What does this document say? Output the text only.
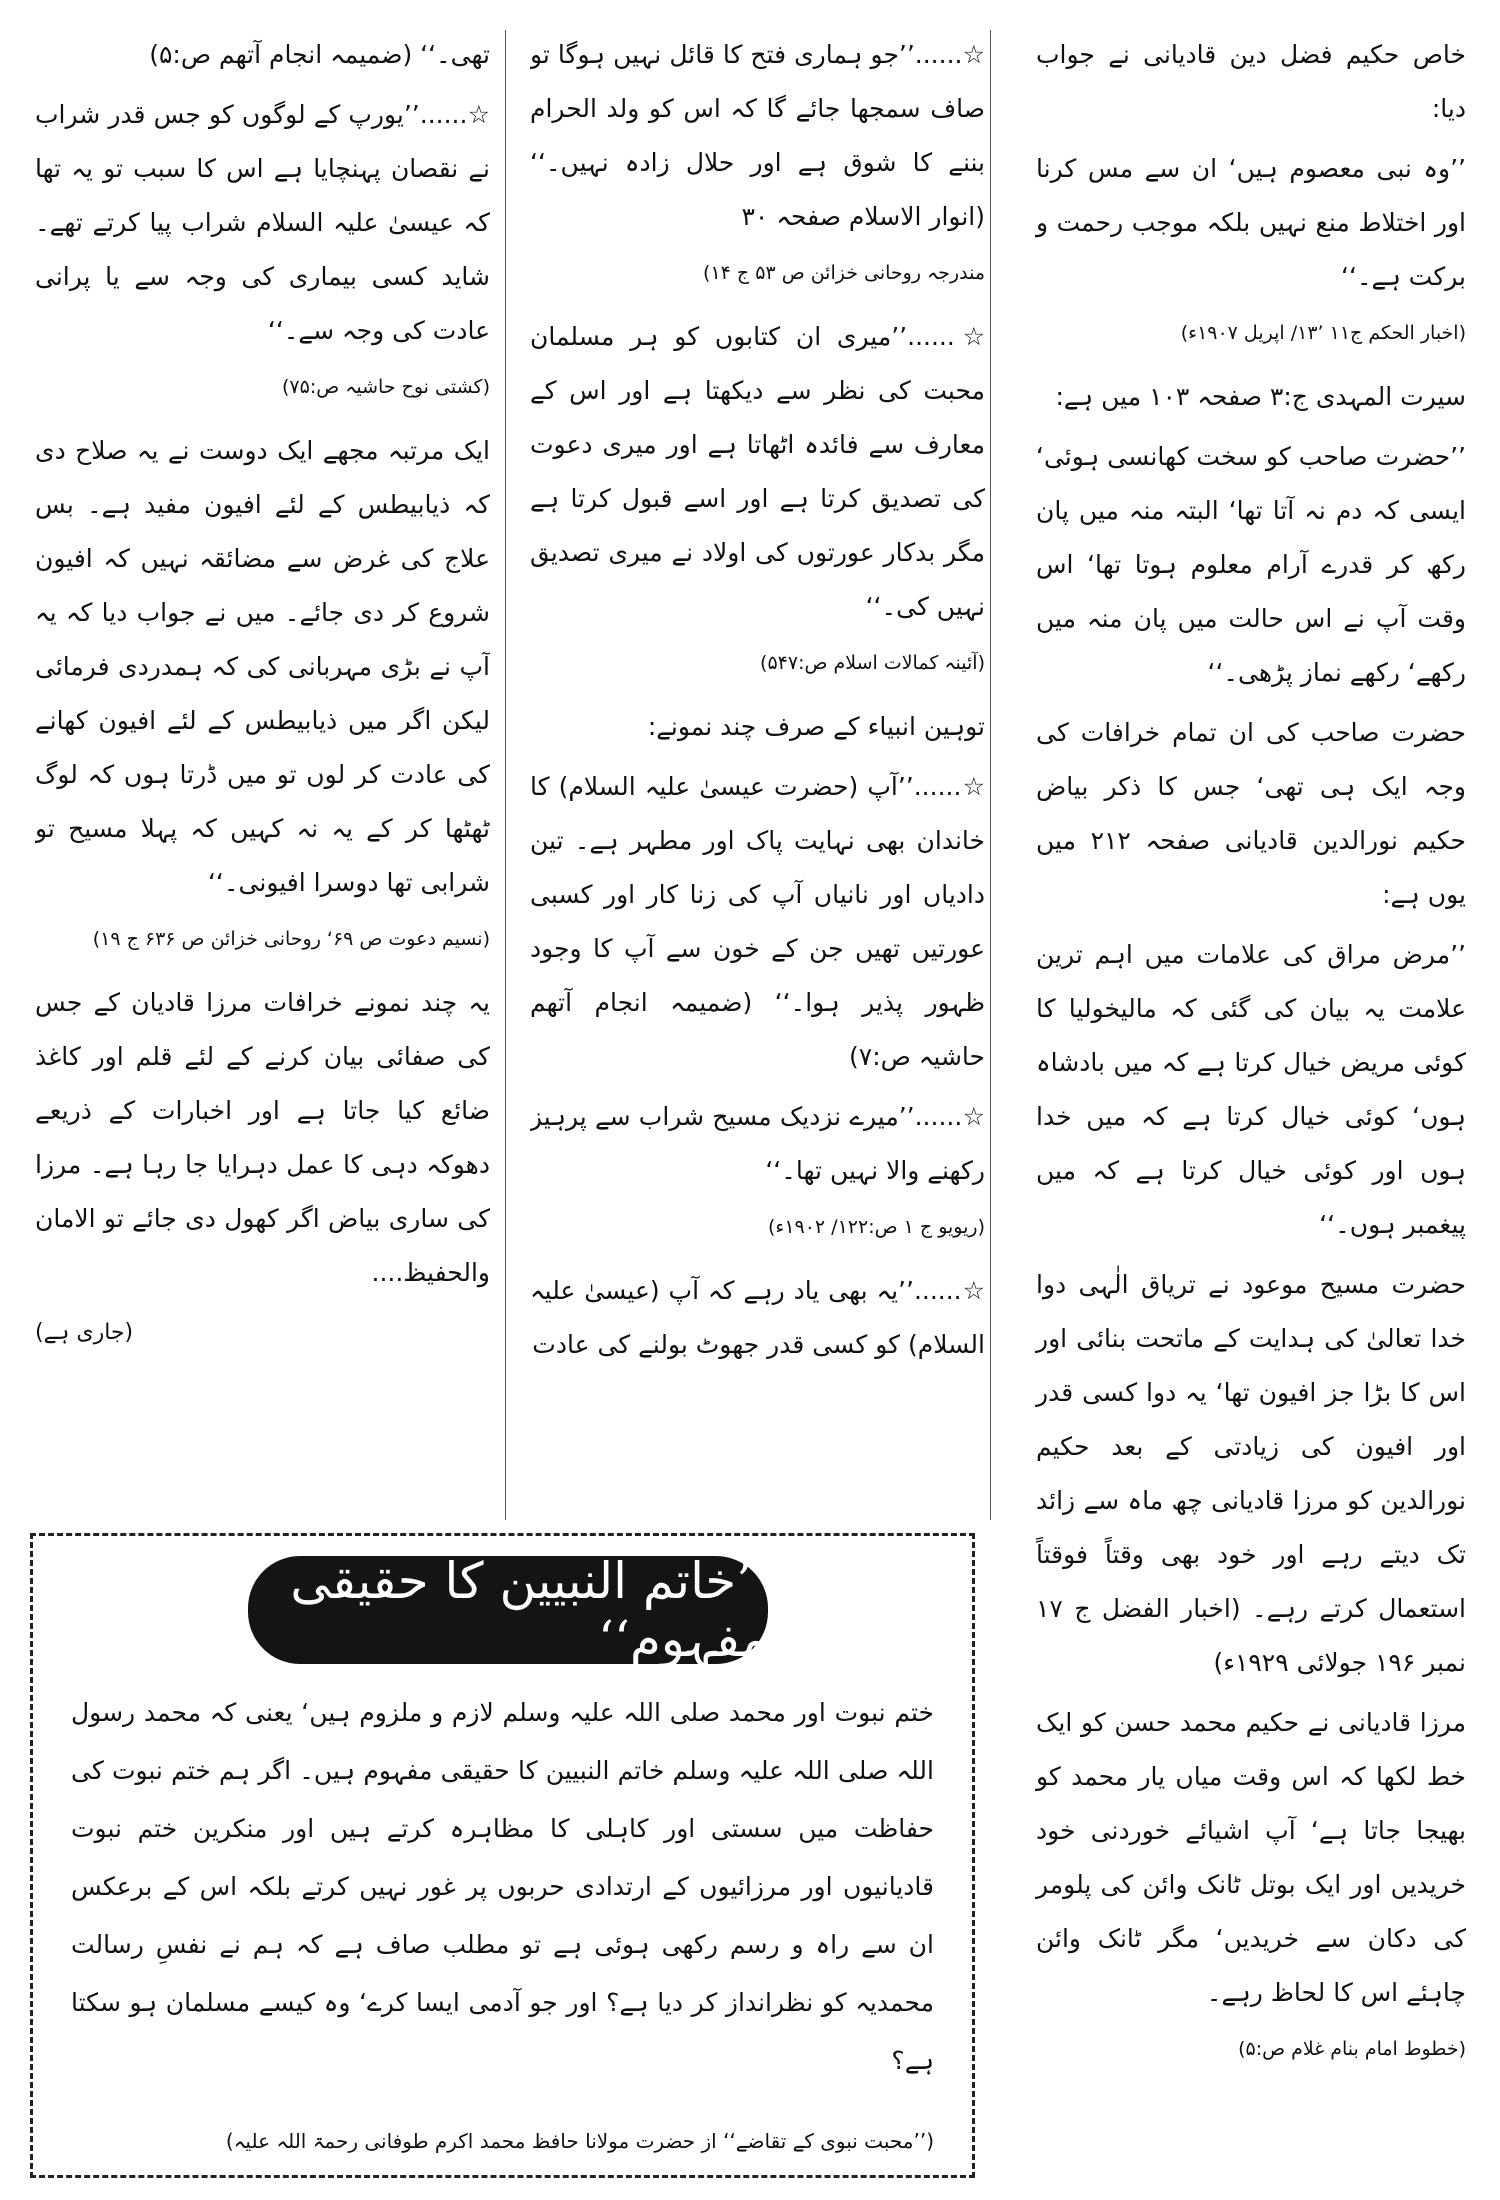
خاص حکیم فضل دین قادیانی نے جواب دیا:

’’وہ نبی معصوم ہیں‘ ان سے مس کرنا اور اختلاط منع نہیں بلکہ موجب رحمت و برکت ہے۔‘‘

(اخبار الحکم ج۱۱ ’۱۳/ اپریل ۱۹۰۷ء)

سیرت المہدی ج:۳ صفحہ ۱۰۳ میں ہے:

’’حضرت صاحب کو سخت کھانسی ہوئی‘ ایسی کہ دم نہ آتا تھا‘ البتہ منہ میں پان رکھ کر قدرے آرام معلوم ہوتا تھا‘ اس وقت آپ نے اس حالت میں پان منہ میں رکھے‘ رکھے نماز پڑھی۔‘‘

حضرت صاحب کی ان تمام خرافات کی وجہ ایک ہی تھی‘ جس کا ذکر بیاض حکیم نورالدین قادیانی صفحہ ۲۱۲ میں یوں ہے:

’’مرض مراق کی علامات میں اہم ترین علامت یہ بیان کی گئی کہ مالیخولیا کا کوئی مریض خیال کرتا ہے کہ میں بادشاہ ہوں‘ کوئی خیال کرتا ہے کہ میں خدا ہوں اور کوئی خیال کرتا ہے کہ میں پیغمبر ہوں۔‘‘

حضرت مسیح موعود نے تریاق الٰہی دوا خدا تعالیٰ کی ہدایت کے ماتحت بنائی اور اس کا بڑا جز افیون تھا‘ یہ دوا کسی قدر اور افیون کی زیادتی کے بعد حکیم نورالدین کو مرزا قادیانی چھ ماہ سے زائد تک دیتے رہے اور خود بھی وقتاً فوقتاً استعمال کرتے رہے۔ (اخبار الفضل ج ۱۷ نمبر ۱۹۶ جولائی ۱۹۲۹ء)

مرزا قادیانی نے حکیم محمد حسن کو ایک خط لکھا کہ اس وقت میاں یار محمد کو بھیجا جاتا ہے‘ آپ اشیائے خوردنی خود خریدیں اور ایک بوتل ٹانک وائن کی پلومر کی دکان سے خریدیں‘ مگر ٹانک وائن چاہئے اس کا لحاظ رہے۔

(خطوط امام بنام غلام ص:۵)

☆......’’جو ہماری فتح کا قائل نہیں ہوگا تو صاف سمجھا جائے گا کہ اس کو ولد الحرام بننے کا شوق ہے اور حلال زادہ نہیں۔‘‘ (انوار الاسلام صفحہ ۳۰

مندرجہ روحانی خزائن ص ۵۳ ج ۱۴)

☆......’’میری ان کتابوں کو ہر مسلمان محبت کی نظر سے دیکھتا ہے اور اس کے معارف سے فائدہ اٹھاتا ہے اور میری دعوت کی تصدیق کرتا ہے اور اسے قبول کرتا ہے مگر بدکار عورتوں کی اولاد نے میری تصدیق نہیں کی۔‘‘

(آئینہ کمالات اسلام ص:۵۴۷)

توہین انبیاء کے صرف چند نمونے:

☆......’’آپ (حضرت عیسیٰ علیہ السلام) کا خاندان بھی نہایت پاک اور مطہر ہے۔ تین دادیاں اور نانیاں آپ کی زنا کار اور کسبی عورتیں تھیں جن کے خون سے آپ کا وجود ظہور پذیر ہوا۔‘‘ (ضمیمہ انجام آتھم حاشیہ ص:۷)

☆......’’میرے نزدیک مسیح شراب سے پرہیز رکھنے والا نہیں تھا۔‘‘

(ریویو ج ۱ ص:۱۲۲/ ۱۹۰۲ء)

☆......’’یہ بھی یاد رہے کہ آپ (عیسیٰ علیہ السلام) کو کسی قدر جھوٹ بولنے کی عادت

تھی۔‘‘ (ضمیمہ انجام آتھم ص:۵)

☆......’’یورپ کے لوگوں کو جس قدر شراب نے نقصان پہنچایا ہے اس کا سبب تو یہ تھا کہ عیسیٰ علیہ السلام شراب پیا کرتے تھے۔ شاید کسی بیماری کی وجہ سے یا پرانی عادت کی وجہ سے۔‘‘

(کشتی نوح حاشیہ ص:۷۵)

ایک مرتبہ مجھے ایک دوست نے یہ صلاح دی کہ ذیابیطس کے لئے افیون مفید ہے۔ بس علاج کی غرض سے مضائقہ نہیں کہ افیون شروع کر دی جائے۔ میں نے جواب دیا کہ یہ آپ نے بڑی مہربانی کی کہ ہمدردی فرمائی لیکن اگر میں ذیابیطس کے لئے افیون کھانے کی عادت کر لوں تو میں ڈرتا ہوں کہ لوگ ٹھٹھا کر کے یہ نہ کہیں کہ پہلا مسیح تو شرابی تھا دوسرا افیونی۔‘‘

(نسیم دعوت ص ۶۹‘ روحانی خزائن ص ۶۳۶ ج ۱۹)

یہ چند نمونے خرافات مرزا قادیان کے جس کی صفائی بیان کرنے کے لئے قلم اور کاغذ ضائع کیا جاتا ہے اور اخبارات کے ذریعے دھوکہ دہی کا عمل دہرایا جا رہا ہے۔ مرزا کی ساری بیاض اگر کھول دی جائے تو الامان والحفیظ....

(جاری ہے)

’’خاتم النبیین کا حقیقی مفہوم‘‘

ختم نبوت اور محمد صلی اللہ علیہ وسلم لازم و ملزوم ہیں‘ یعنی کہ محمد رسول اللہ صلی اللہ علیہ وسلم خاتم النبیین کا حقیقی مفہوم ہیں۔ اگر ہم ختم نبوت کی حفاظت میں سستی اور کاہلی کا مظاہرہ کرتے ہیں اور منکرین ختم نبوت قادیانیوں اور مرزائیوں کے ارتدادی حربوں پر غور نہیں کرتے بلکہ اس کے برعکس ان سے راہ و رسم رکھی ہوئی ہے تو مطلب صاف ہے کہ ہم نے نفسِ رسالت محمدیہ کو نظرانداز کر دیا ہے؟ اور جو آدمی ایسا کرے‘ وہ کیسے مسلمان ہو سکتا ہے؟

(’’محبت نبوی کے تقاضے‘‘ از حضرت مولانا حافظ محمد اکرم طوفانی رحمۃ اللہ علیہ)
